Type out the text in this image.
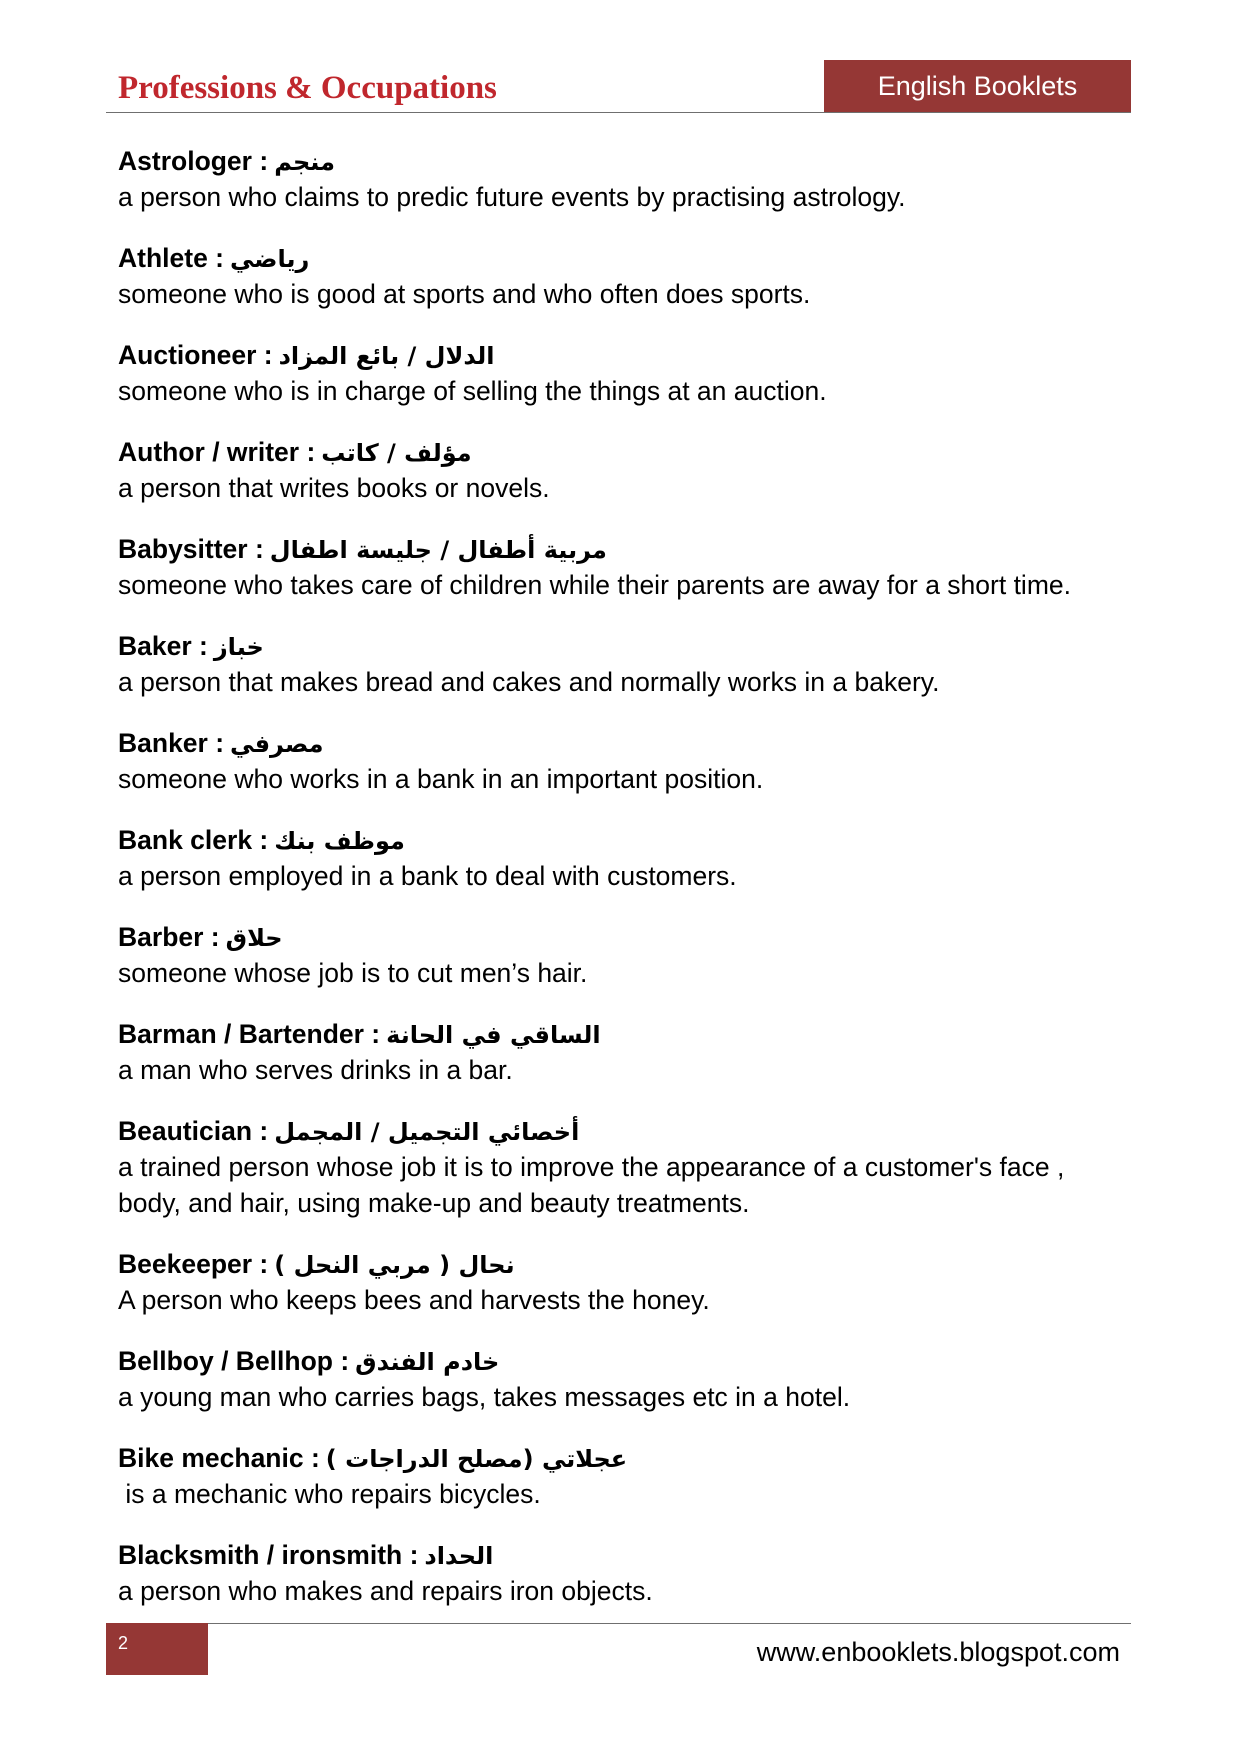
Professions & Occupations	English Booklets
Astrologer : منجم
a person who claims to predic future events by practising astrology.
Athlete : رياضي
someone who is good at sports and who often does sports.
Auctioneer : الدلال / بائع المزاد
someone who is in charge of selling the things at an auction.
Author / writer : مؤلف / كاتب
a person that writes books or novels.
Babysitter : مربية أطفال / جليسة اطفال
someone who takes care of children while their parents are away for a short time.
Baker : خباز
a person that makes bread and cakes and normally works in a bakery.
Banker : مصرفي
someone who works in a bank in an important position.
Bank clerk : موظف بنك
a person employed in a bank to deal with customers.
Barber : حلاق
someone whose job is to cut men’s hair.
Barman / Bartender : الساقي في الحانة
a man who serves drinks in a bar.
Beautician : أخصائي التجميل / المجمل
a trained person whose job it is to improve the appearance of a customer's face ,
body, and hair, using make-up and beauty treatments.
Beekeeper : نحال ( مربي النحل )
A person who keeps bees and harvests the honey.
Bellboy / Bellhop : خادم الفندق
a young man who carries bags, takes messages etc in a hotel.
Bike mechanic : عجلاتي (مصلح الدراجات )
is a mechanic who repairs bicycles.
Blacksmith / ironsmith : الحداد
a person who makes and repairs iron objects.
2	www.enbooklets.blogspot.com
